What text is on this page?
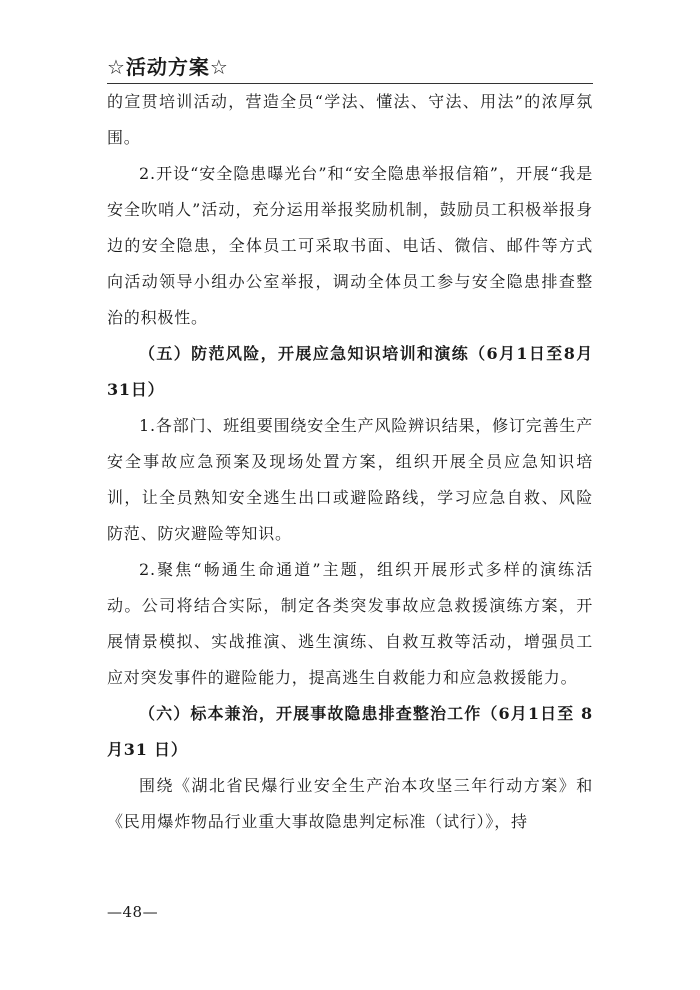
☆活动方案☆

的宣贯培训活动，营造全员“学法、懂法、守法、用法”的浓厚氛围。

2.开设“安全隐患曝光台”和“安全隐患举报信箱”，开展“我是安全吹哨人”活动，充分运用举报奖励机制，鼓励员工积极举报身边的安全隐患，全体员工可采取书面、电话、微信、邮件等方式向活动领导小组办公室举报，调动全体员工参与安全隐患排查整治的积极性。

（五）防范风险，开展应急知识培训和演练（6月1日至8月31日）

1.各部门、班组要围绕安全生产风险辨识结果，修订完善生产安全事故应急预案及现场处置方案，组织开展全员应急知识培训，让全员熟知安全逃生出口或避险路线，学习应急自救、风险防范、防灾避险等知识。

2.聚焦“畅通生命通道”主题，组织开展形式多样的演练活动。公司将结合实际，制定各类突发事故应急救援演练方案，开展情景模拟、实战推演、逃生演练、自救互救等活动，增强员工应对突发事件的避险能力，提高逃生自救能力和应急救援能力。

（六）标本兼治，开展事故隐患排查整治工作（6月1日至 8月31 日）

围绕《湖北省民爆行业安全生产治本攻坚三年行动方案》和《民用爆炸物品行业重大事故隐患判定标准（试行）》，持

—48—
